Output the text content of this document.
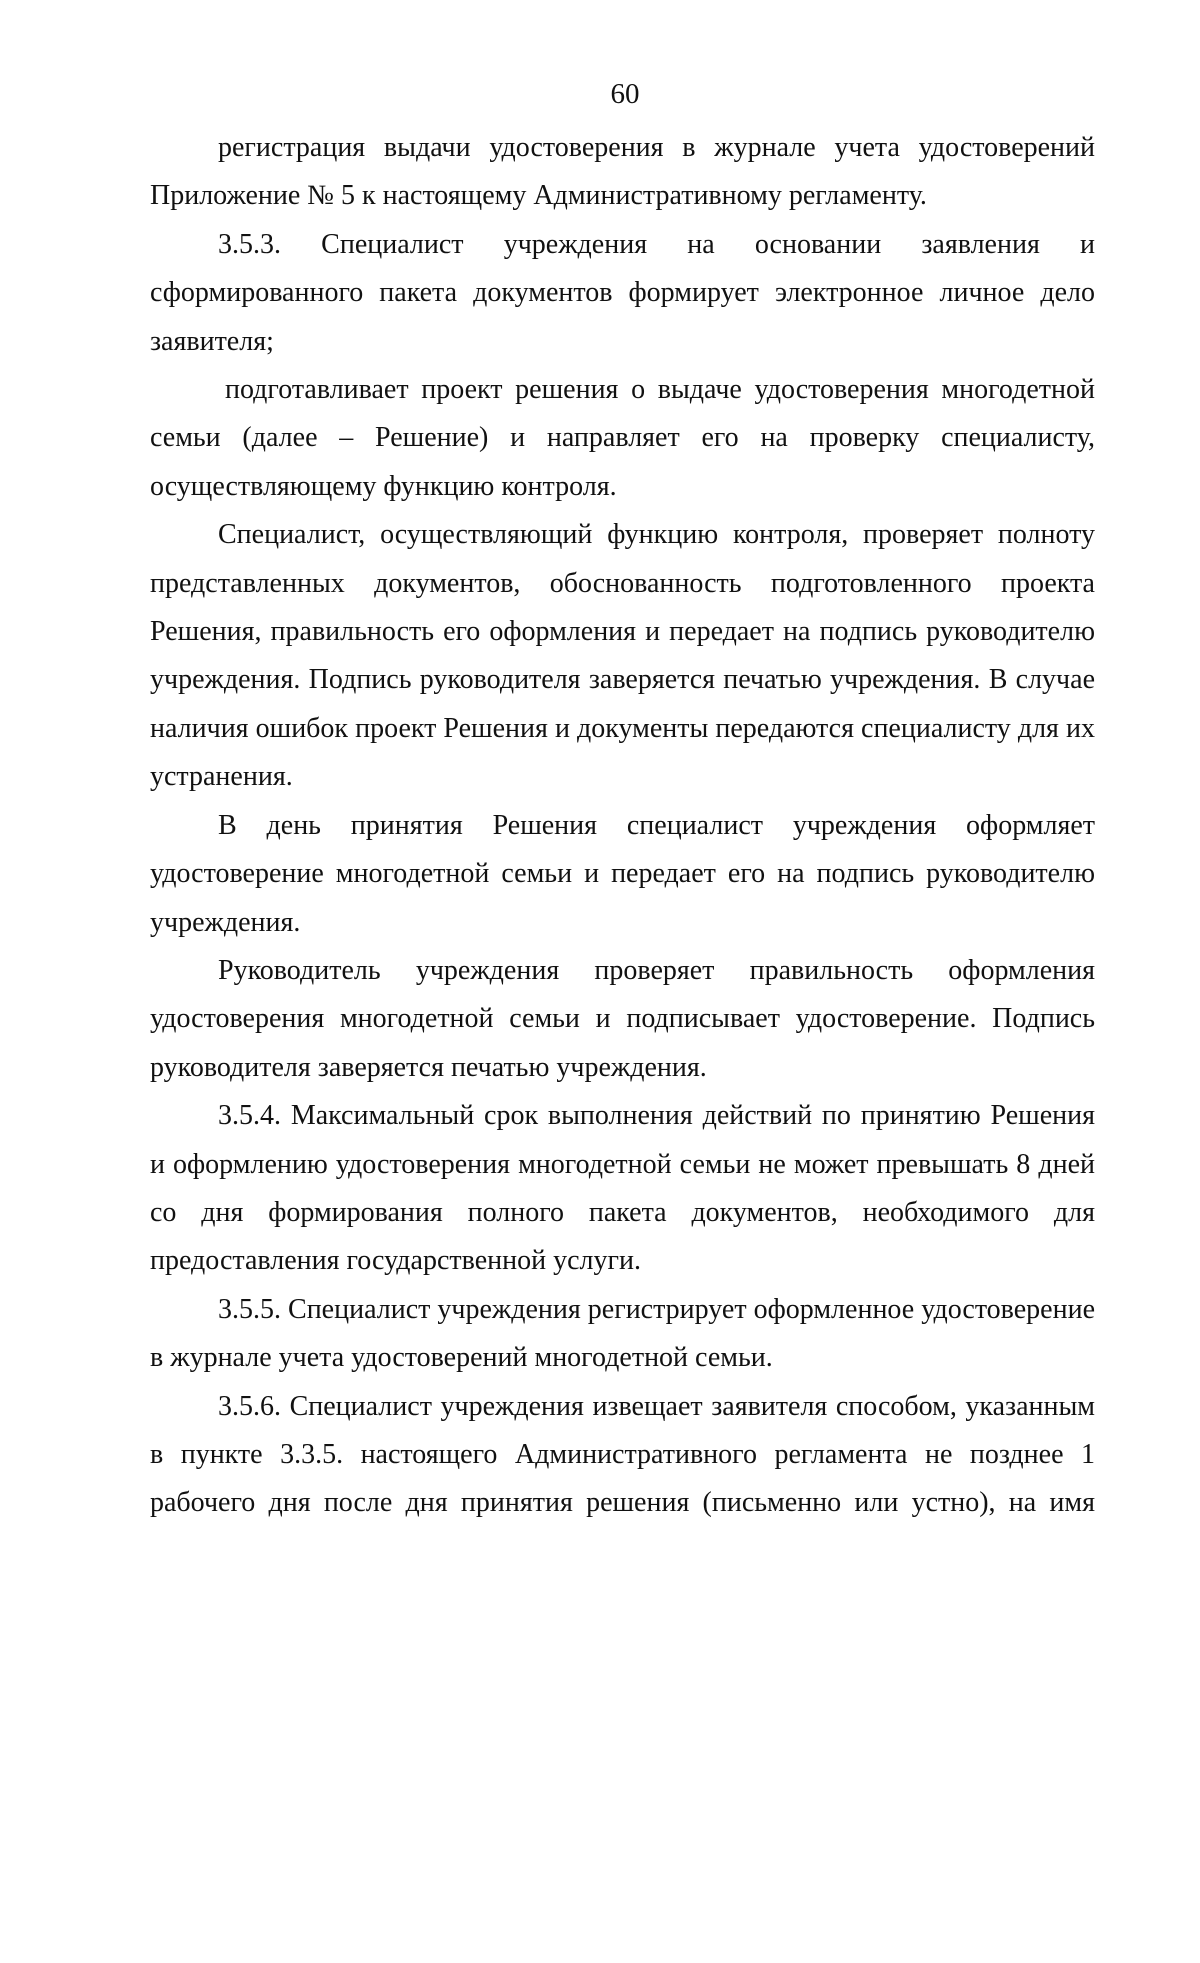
60

регистрация выдачи удостоверения в журнале учета удостоверений Приложение № 5 к настоящему Административному регламенту.

3.5.3. Специалист учреждения на основании заявления и сформированного пакета документов формирует электронное личное дело заявителя;

подготавливает проект решения о выдаче удостоверения многодетной семьи (далее – Решение) и направляет его на проверку специалисту, осуществляющему функцию контроля.

Специалист, осуществляющий функцию контроля, проверяет полноту представленных документов, обоснованность подготовленного проекта Решения, правильность его оформления и передает на подпись руководителю учреждения. Подпись руководителя заверяется печатью учреждения. В случае наличия ошибок проект Решения и документы передаются специалисту для их устранения.

В день принятия Решения специалист учреждения оформляет удостоверение многодетной семьи и передает его на подпись руководителю учреждения.

Руководитель учреждения проверяет правильность оформления удостоверения многодетной семьи и подписывает удостоверение. Подпись руководителя заверяется печатью учреждения.

3.5.4. Максимальный срок выполнения действий по принятию Решения и оформлению удостоверения многодетной семьи не может превышать 8 дней со дня формирования полного пакета документов, необходимого для предоставления государственной услуги.

3.5.5. Специалист учреждения регистрирует оформленное удостоверение в журнале учета удостоверений многодетной семьи.

3.5.6. Специалист учреждения извещает заявителя способом, указанным в пункте 3.3.5. настоящего Административного регламента не позднее 1 рабочего дня после дня принятия решения (письменно или устно), на имя
